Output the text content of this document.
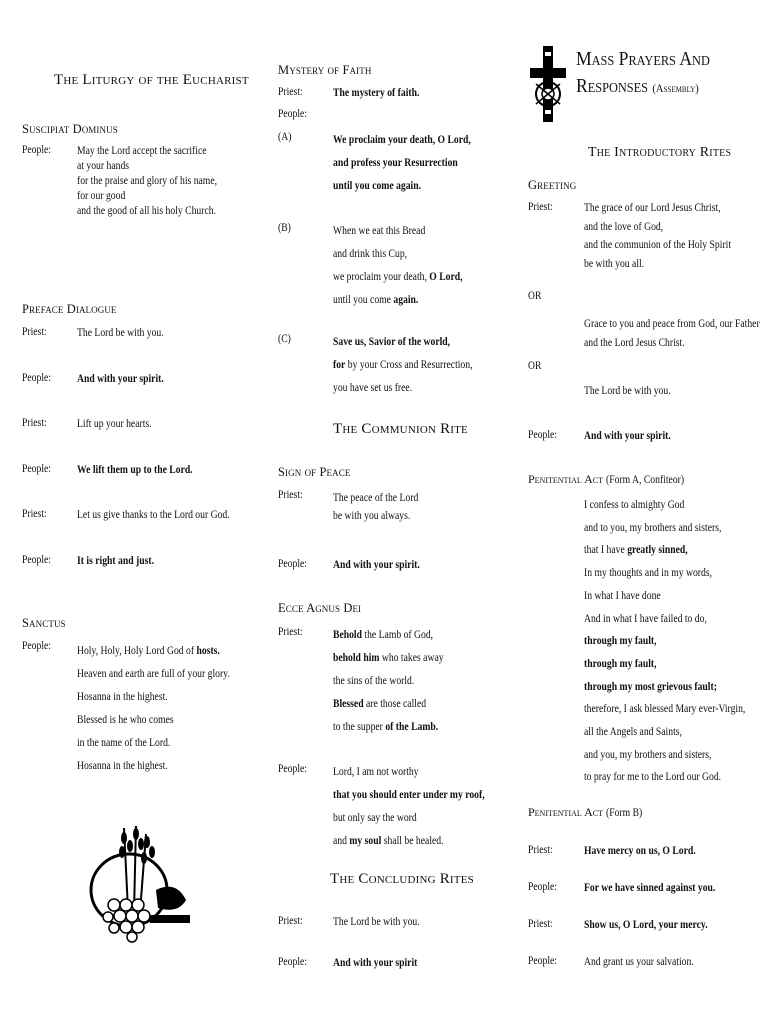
The Liturgy of the Eucharist
Suscipiat Dominus
People: May the Lord accept the sacrifice
at your hands
for the praise and glory of his name,
for our good
and the good of all his holy Church.
Preface Dialogue
Priest:	The Lord be with you.
People: And with your spirit.
Priest:	Lift up your hearts.
People: We lift them up to the Lord.
Priest:	Let us give thanks to the Lord our God.
People: It is right and just.
Sanctus
People: Holy, Holy, Holy Lord God of hosts.
Heaven and earth are full of your glory.
Hosanna in the highest.
Blessed is he who comes
in the name of the Lord.
Hosanna in the highest.
Mystery of Faith
Priest:	The mystery of faith.
People:
(A)	We proclaim your death, O Lord,
and profess your Resurrection
until you come again.
(B)	When we eat this Bread
and drink this Cup,
we proclaim your death, O Lord,
until you come again.
(C)	Save us, Savior of the world,
for by your Cross and Resurrection,
you have set us free.
The Communion Rite
Sign of Peace
Priest:	The peace of the Lord
be with you always.
People: And with your spirit.
Ecce Agnus Dei
Priest:	Behold the Lamb of God,
behold him who takes away
the sins of the world.
Blessed are those called
to the supper of the Lamb.
People: Lord, I am not worthy
that you should enter under my roof,
but only say the word
and my soul shall be healed.
The Concluding Rites
Priest:	The Lord be with you.
People: And with your spirit
Mass Prayers And
Responses (Assembly)
The Introductory Rites
Greeting
Priest:	The grace of our Lord Jesus Christ,
and the love of God,
and the communion of the Holy Spirit
be with you all.
OR
Grace to you and peace from God, our Father
and the Lord Jesus Christ.
OR
The Lord be with you.
People: And with your spirit.
Penitential Act (Form A, Confiteor)
I confess to almighty God
and to you, my brothers and sisters,
that I have greatly sinned,
In my thoughts and in my words,
In what I have done
And in what I have failed to do,
through my fault,
through my fault,
through my most grievous fault;
therefore, I ask blessed Mary ever-Virgin,
all the Angels and Saints,
and you, my brothers and sisters,
to pray for me to the Lord our God.
Penitential Act (Form B)
Priest:	Have mercy on us, O Lord.
People: For we have sinned against you.
Priest:	Show us, O Lord, your mercy.
People: And grant us your salvation.
